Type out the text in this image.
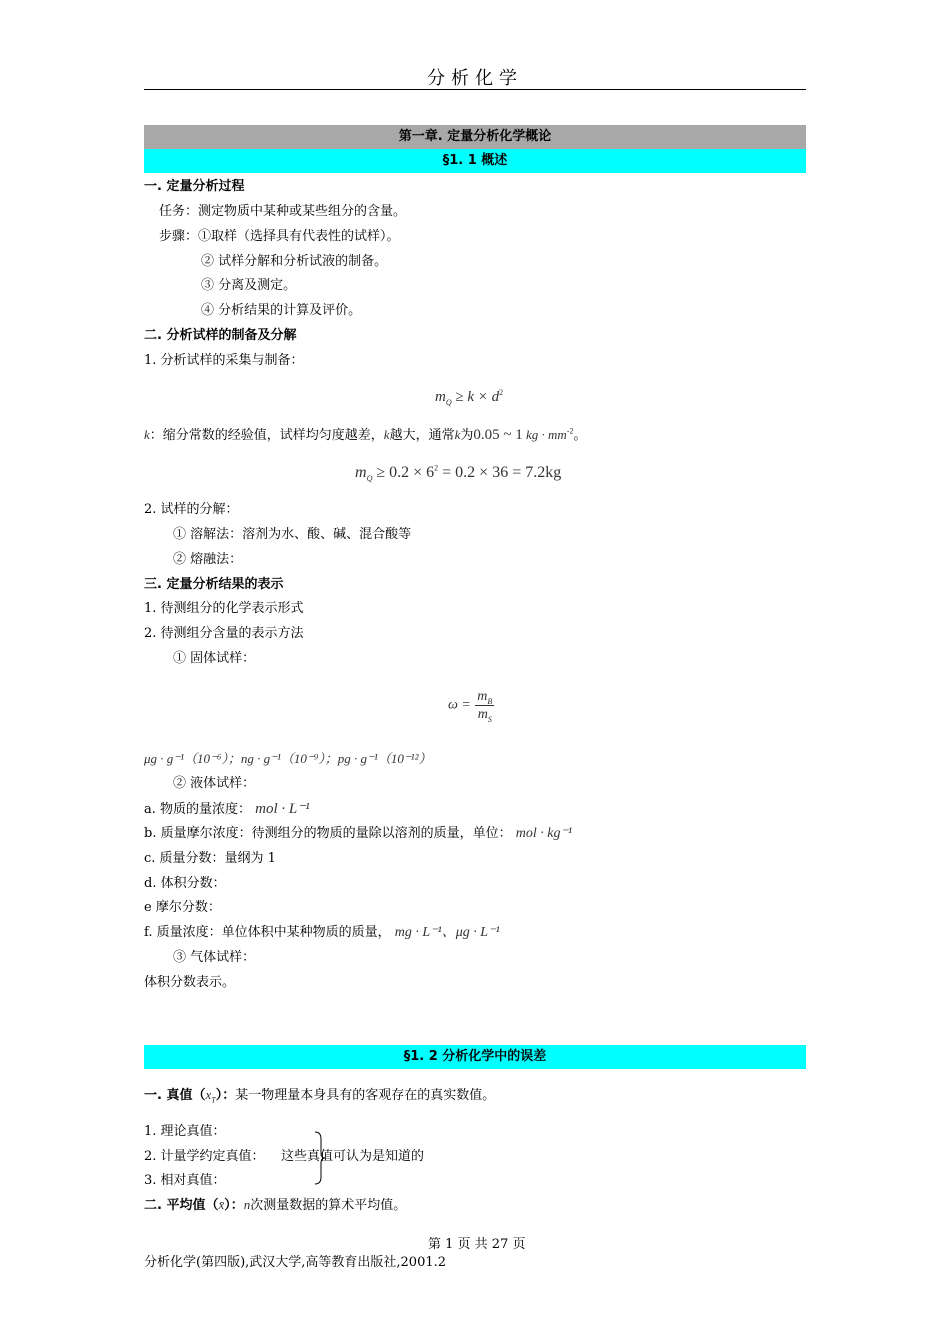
分析化学
第一章. 定量分析化学概论
§1. 1 概述
一. 定量分析过程
任务：测定物质中某种或某些组分的含量。
步骤：①取样（选择具有代表性的试样）。
② 试样分解和分析试液的制备。
③ 分离及测定。
④ 分析结果的计算及评价。
二. 分析试样的制备及分解
1. 分析试样的采集与制备：
$m_Q \ge k \times d^2$
k：缩分常数的经验值，试样均匀度越差，k越大，通常k为0.05 ~ 1 kg · $mm^{-2}$。
$m_Q \ge 0.2 \times 6^2 = 0.2 \times 36 = 7.2kg$
2. 试样的分解：
① 溶解法：溶剂为水、酸、碱、混合酸等
② 熔融法：
三. 定量分析结果的表示
1. 待测组分的化学表示形式
2. 待测组分含量的表示方法
① 固体试样：
$\omega = \frac{m_B}{m_S}$
μg · g⁻¹（10⁻⁶）；ng · g⁻¹（10⁻⁹）；pg · g⁻¹（10⁻¹²）
② 液体试样：
a. 物质的量浓度： mol · L⁻¹
b. 质量摩尔浓度：待测组分的物质的量除以溶剂的质量，单位： mol · kg⁻¹
c. 质量分数：量纲为 1
d. 体积分数：
e 摩尔分数：
f. 质量浓度：单位体积中某种物质的质量， mg · L⁻¹、μg · L⁻¹
③ 气体试样：
体积分数表示。
§1. 2 分析化学中的误差
一. 真值$(x_T)$：某一物理量本身具有的客观存在的真实数值。
1. 理论真值：
2. 计量学约定真值：
3. 相对真值：
这些真值可认为是知道的
二. 平均值（x̄）：n次测量数据的算术平均值。
第 1 页 共 27 页
分析化学(第四版),武汉大学,高等教育出版社,2001.2
